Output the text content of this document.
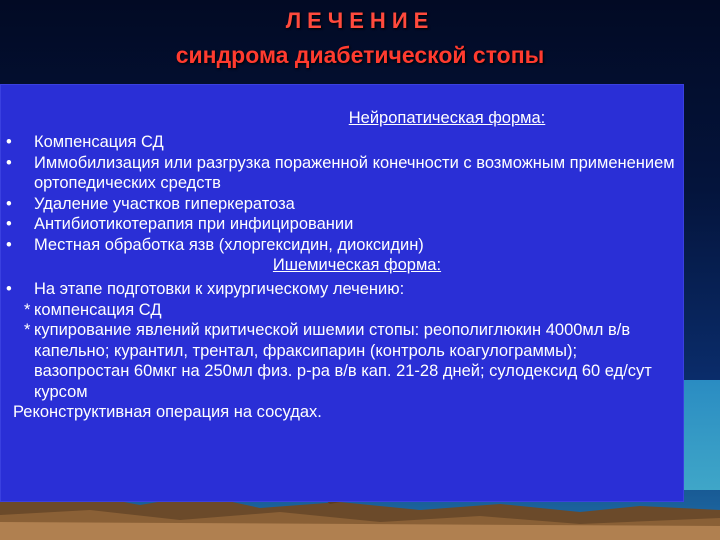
ЛЕЧЕНИЕ
синдрома диабетической стопы
Нейропатическая форма:
• Компенсация СД
• Иммобилизация или разгрузка пораженной конечности с возможным применением ортопедических средств
• Удаление участков гиперкератоза
• Антибиотикотерапия при инфицировании
• Местная обработка язв (хлоргексидин, диоксидин)
Ишемическая форма:
• На этапе подготовки к хирургическому лечению:
* компенсация СД
* купирование явлений критической ишемии стопы: реополиглюкин 4000мл в/в капельно; курантил, трентал, фраксипарин (контроль коагулограммы); вазопростан 60мкг на 250мл физ. р-ра в/в кап. 21-28 дней; сулодексид 60 ед/сут курсом
Реконструктивная операция на сосудах.
